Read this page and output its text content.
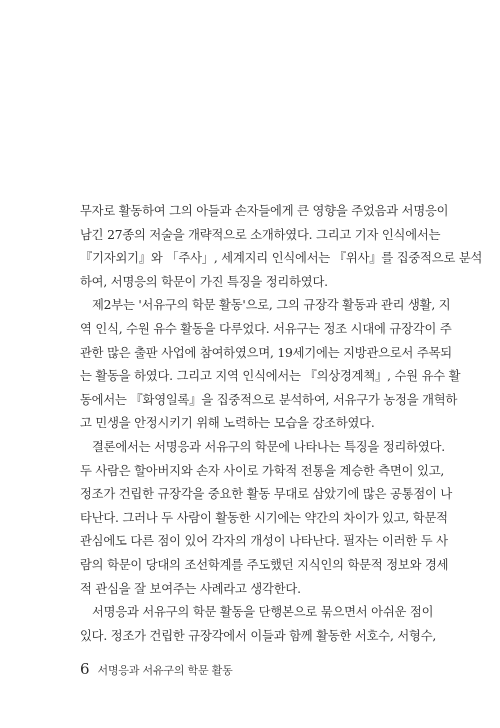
무자로 활동하여 그의 아들과 손자들에게 큰 영향을 주었음과 서명응이
남긴 27종의 저술을 개략적으로 소개하였다. 그리고 기자 인식에서는
『기자외기』와 「주사」, 세계지리 인식에서는 『위사』를 집중적으로 분석
하여, 서명응의 학문이 가진 특징을 정리하였다.
제2부는 '서유구의 학문 활동'으로, 그의 규장각 활동과 관리 생활, 지
역 인식, 수원 유수 활동을 다루었다. 서유구는 정조 시대에 규장각이 주
관한 많은 출판 사업에 참여하였으며, 19세기에는 지방관으로서 주목되
는 활동을 하였다. 그리고 지역 인식에서는 『의상경계책』, 수원 유수 활
동에서는 『화영일록』을 집중적으로 분석하여, 서유구가 농정을 개혁하
고 민생을 안정시키기 위해 노력하는 모습을 강조하였다.
결론에서는 서명응과 서유구의 학문에 나타나는 특징을 정리하였다.
두 사람은 할아버지와 손자 사이로 가학적 전통을 계승한 측면이 있고,
정조가 건립한 규장각을 중요한 활동 무대로 삼았기에 많은 공통점이 나
타난다. 그러나 두 사람이 활동한 시기에는 약간의 차이가 있고, 학문적
관심에도 다른 점이 있어 각자의 개성이 나타난다. 필자는 이러한 두 사
람의 학문이 당대의 조선학계를 주도했던 지식인의 학문적 정보와 경세
적 관심을 잘 보여주는 사례라고 생각한다.
서명응과 서유구의 학문 활동을 단행본으로 묶으면서 아쉬운 점이
있다. 정조가 건립한 규장각에서 이들과 함께 활동한 서호수, 서형수,
6 서명응과 서유구의 학문 활동
